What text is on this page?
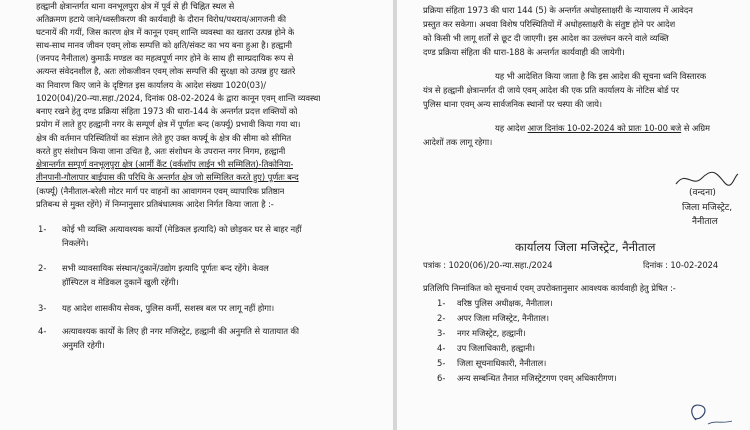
हल्द्वानी क्षेत्रान्तर्गत थाना वनभूलपुरा क्षेत्र में पूर्व से ही चिह्नित स्थल से
अतिक्रमण हटाये जाने/ध्वस्तीकरण की कार्यवाही के दौरान विरोध/पथराव/आगजनी की
घटनायें की गयीं, जिस कारण क्षेत्र में कानून एवम् शान्ति व्यवस्था का खतरा उत्पन्न होने के
साथ-साथ मानव जीवन एवम् लोक सम्पत्ति को क्षति/संकट का भय बना हुआ है। हल्द्वानी
(जनपद नैनीताल) कुमाऊँ मण्डल का महत्वपूर्ण नगर होने के साथ ही साम्प्रदायिक रूप से
अत्यन्त संवेदनशील है, अतः लोकजीवन एवम् लोक सम्पत्ति की सुरक्षा को उत्पन्न हुए खतरे
का निवारण किए जाने के दृष्टिगत इस कार्यालय के आदेश संख्या 1020(03)/
1020(04)/20-न्या.सहा./2024, दिनांक 08-02-2024 के द्वारा कानून एवम् शान्ति व्यवस्था
बनाए रखने हेतु दण्ड प्रक्रिया संहिता 1973 की धारा-144 के अन्तर्गत प्रदत्त शक्तियों को
प्रयोग में लाते हुए हल्द्वानी नगर के सम्पूर्ण क्षेत्र में पूर्णतः बन्द (कर्फ्यू) प्रभावी किया गया था।
क्षेत्र की वर्तमान परिस्थितियों का संज्ञान लेते हुए उक्त कर्फ्यू के क्षेत्र की सीमा को सीमित
करते हुए संशोधन किया जाना उचित है, अतः संशोधन के उपरान्त नगर निगम, हल्द्वानी
क्षेत्रान्तर्गत सम्पूर्ण वनभूलपुरा क्षेत्र (आर्मी कैंट (वर्कशॉप लाईन भी सम्मिलित)-तिकोनिया-
तीनपानी-गौलापार बाईपास की परिधि के अन्तर्गत क्षेत्र जो सम्मिलित करते हुए) पूर्णतः बन्द
(कर्फ्यू) (नैनीताल-बरेली मोटर मार्ग पर वाहनों का आवागमन एवम् व्यापारिक प्रतिष्ठान
प्रतिबन्ध से मुक्त रहेंगे) में निम्नानुसार प्रतिबंधात्मक आदेश निर्गत किया जाता है :-
1- कोई भी व्यक्ति अत्यावश्यक कार्यों (मेडिकल इत्यादि) को छोड़कर घर से बाहर नहीं
निकलेंगे।
2- सभी व्यावसायिक संस्थान/दुकानें/उद्योग इत्यादि पूर्णतः बन्द रहेंगे। केवल
हॉस्पिटल व मेडिकल दुकानें खुली रहेंगी।
3- यह आदेश शासकीय सेवक, पुलिस कर्मी, सशस्त्र बल पर लागू नहीं होगा।
4- अत्यावश्यक कार्यों के लिए ही नगर मजिस्ट्रेट, हल्द्वानी की अनुमति से यातायात की
अनुमति रहेगी।
प्रक्रिया संहिता 1973 की धारा 144 (5) के अन्तर्गत अधोहस्ताक्षरी के न्यायालय में आवेदन
प्रस्तुत कर सकेगा। अथवा विशेष परिस्थितियों में अधोहस्ताक्षरी के संतुष्ट होने पर आदेश
को किसी भी लागू शर्तों से छूट दी जाएगी। इस आदेश का उल्लंघन करने वाले व्यक्ति
दण्ड प्रक्रिया संहिता की धारा-188 के अन्तर्गत कार्यवाही की जायेगी।
यह भी आदेशित किया जाता है कि इस आदेश की सूचना ध्वनि विस्तारक
यंत्र से हल्द्वानी क्षेत्रान्तर्गत दी जाये एवम् आदेश की एक प्रति कार्यालय के नोटिस बोर्ड पर
पुलिस थाना एवम् अन्य सार्वजनिक स्थानों पर चस्पा की जाये।
यह आदेश आज दिनांक 10-02-2024 को प्रातः 10-00 बजे से अग्रिम
आदेशों तक लागू रहेगा।
(वन्दना)
जिला मजिस्ट्रेट,
नैनीताल
कार्यालय जिला मजिस्ट्रेट, नैनीताल
पत्रांक : 1020(06)/20-न्या.सहा./2024	दिनांक : 10-02-2024
प्रतिलिपि निम्नांकित को सूचनार्थ एवम् उपरोक्तानुसार आवश्यक कार्यवाही हेतु प्रेषित :-
1- वरिष्ठ पुलिस अधीक्षक, नैनीताल।
2- अपर जिला मजिस्ट्रेट, नैनीताल।
3- नगर मजिस्ट्रेट, हल्द्वानी।
4- उप जिलाधिकारी, हल्द्वानी।
5- जिला सूचनाधिकारी, नैनीताल।
6- अन्य सम्बन्धित तैनात मजिस्ट्रेटगण एवम् अधिकारीगण।
